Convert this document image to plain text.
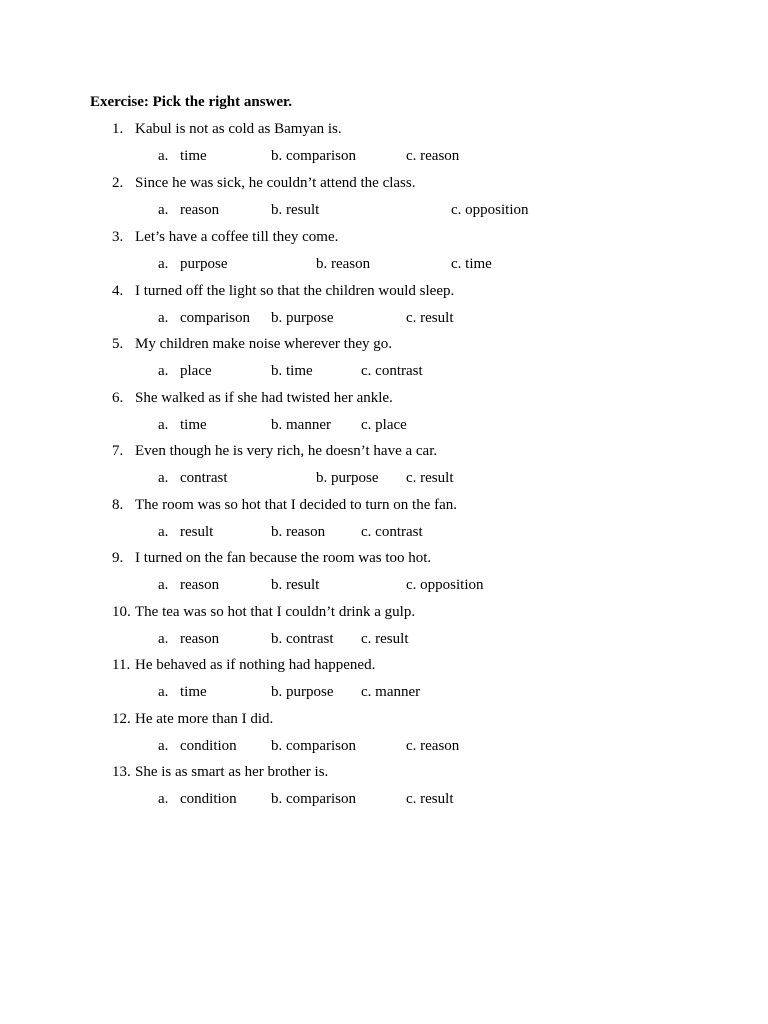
Exercise: Pick the right answer.
1. Kabul is not as cold as Bamyan is.
a. time	b. comparison	c. reason
2. Since he was sick, he couldn’t attend the class.
a. reason	b. result	c. opposition
3. Let’s have a coffee till they come.
a. purpose	b. reason	c. time
4. I turned off the light so that the children would sleep.
a. comparison b. purpose	c. result
5. My children make noise wherever they go.
a. place	b. time	c. contrast
6. She walked as if she had twisted her ankle.
a. time	b. manner c. place
7. Even though he is very rich, he doesn’t have a car.
a. contrast	b. purpose c. result
8. The room was so hot that I decided to turn on the fan.
a. result	b. reason c. contrast
9. I turned on the fan because the room was too hot.
a. reason	b. result	c. opposition
10. The tea was so hot that I couldn’t drink a gulp.
a. reason	b. contrast c. result
11. He behaved as if nothing had happened.
a. time	b. purpose c. manner
12. He ate more than I did.
a. condition b. comparison	c. reason
13. She is as smart as her brother is.
a. condition b. comparison	c. result
